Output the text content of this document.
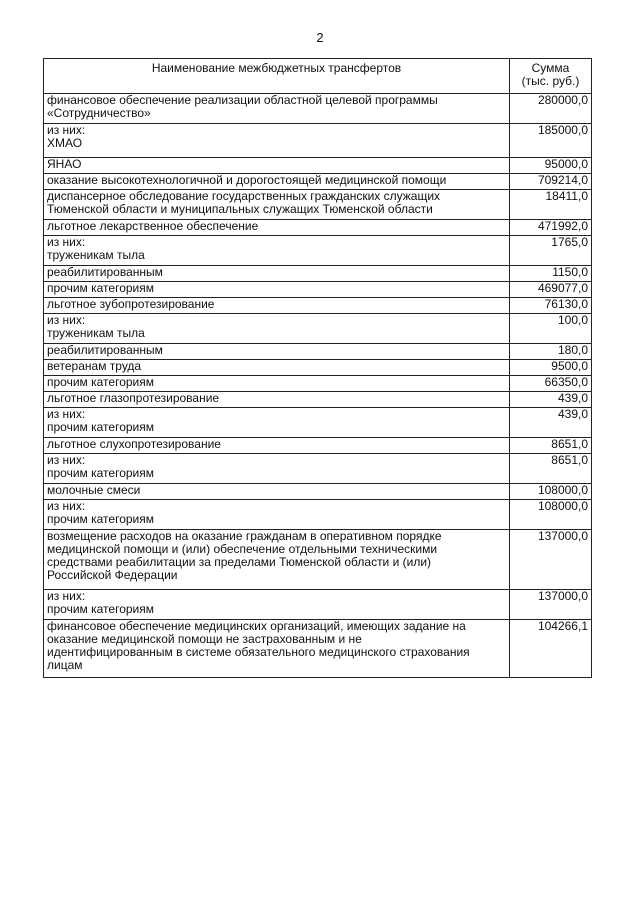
2
Наименование межбюджетных трансфертов	Сумма
(тыс. руб.)
финансовое обеспечение реализации областной целевой программы
«Сотрудничество»	280000,0
из них:
ХМАО	185000,0
ЯНАО	95000,0
оказание высокотехнологичной и дорогостоящей медицинской помощи	709214,0
диспансерное обследование государственных гражданских служащих
Тюменской области и муниципальных служащих Тюменской области	18411,0
льготное лекарственное обеспечение	471992,0
из них:
труженикам тыла	1765,0
реабилитированным	1150,0
прочим категориям	469077,0
льготное зубопротезирование	76130,0
из них:
труженикам тыла	100,0
реабилитированным	180,0
ветеранам труда	9500,0
прочим категориям	66350,0
льготное глазопротезирование	439,0
из них:
прочим категориям	439,0
льготное слухопротезирование	8651,0
из них:
прочим категориям	8651,0
молочные смеси	108000,0
из них:
прочим категориям	108000,0
возмещение расходов на оказание гражданам в оперативном порядке
медицинской помощи и (или) обеспечение отдельными техническими
средствами реабилитации за пределами Тюменской области и (или)
Российской Федерации	137000,0
из них:
прочим категориям	137000,0
финансовое обеспечение медицинских организаций, имеющих задание на
оказание медицинской помощи не застрахованным и не
идентифицированным в системе обязательного медицинского страхования
лицам	104266,1
